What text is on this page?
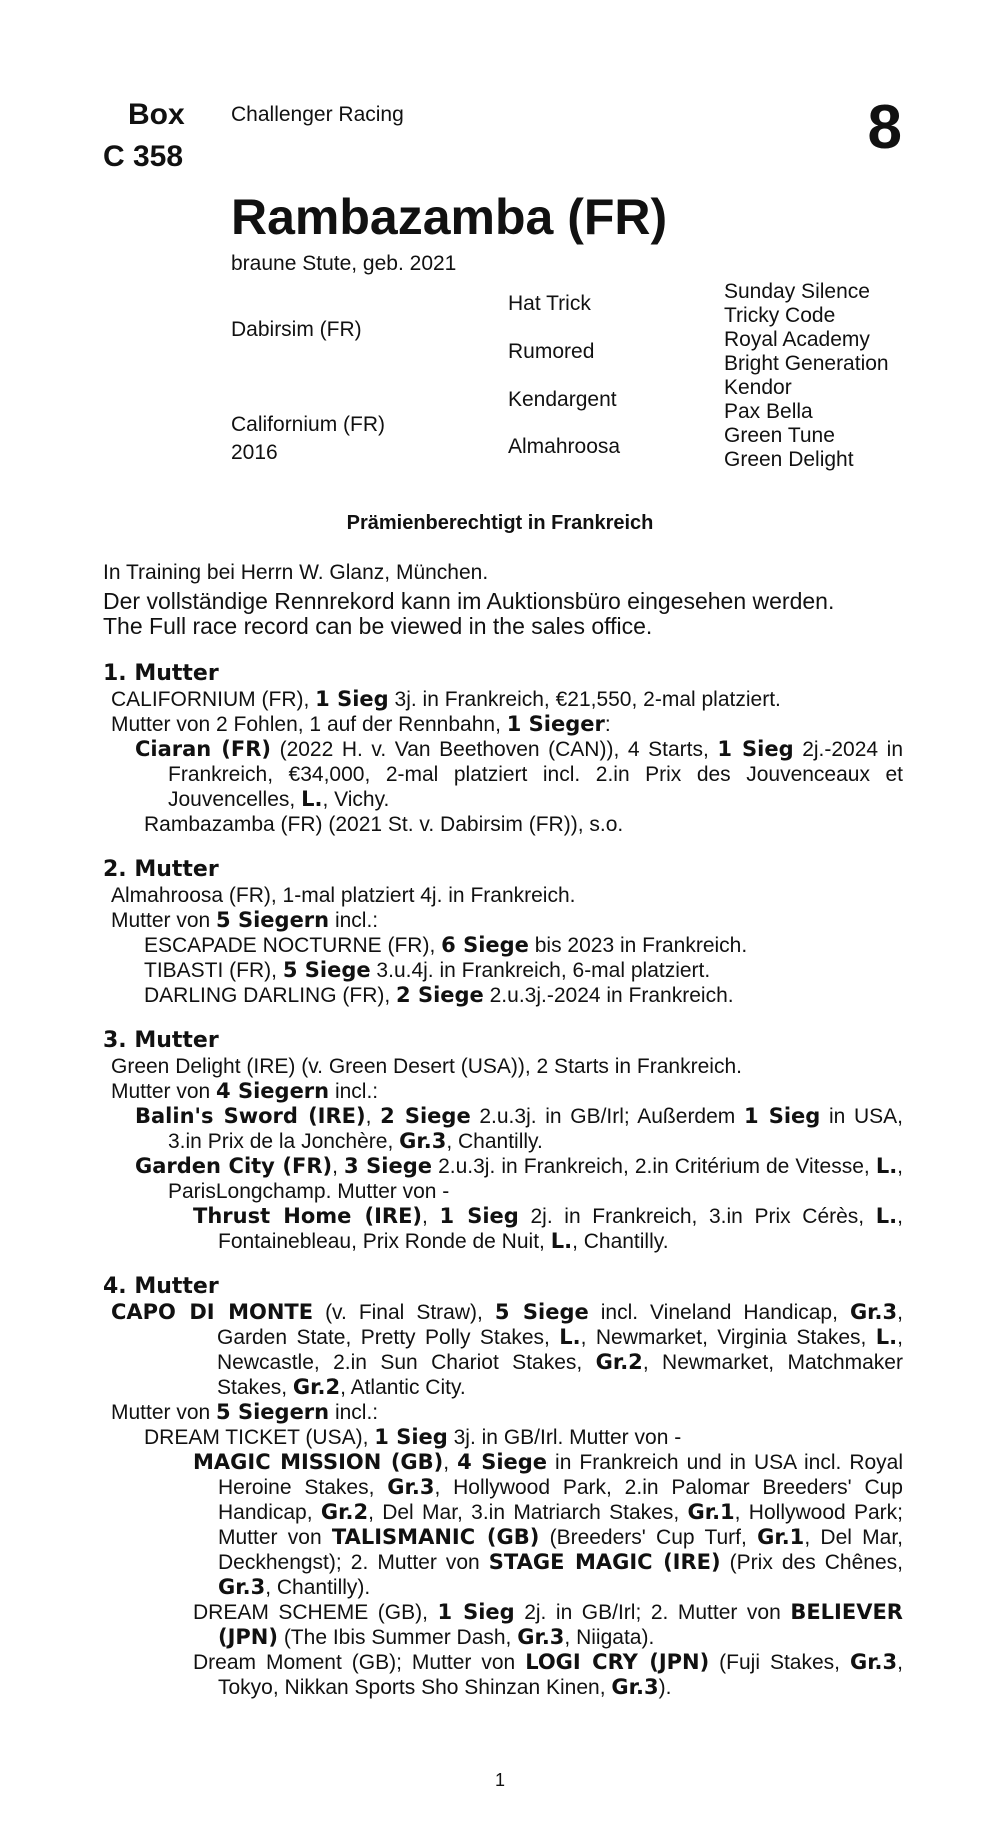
Box
C 358
Challenger Racing	8
Rambazamba (FR)
braune Stute, geb. 2021
Dabirsim (FR)
Californium (FR)
2016
Hat Trick
Rumored
Kendargent
Almahroosa
Sunday Silence
Tricky Code
Royal Academy
Bright Generation
Kendor
Pax Bella
Green Tune
Green Delight
Prämienberechtigt in Frankreich

In Training bei Herrn W. Glanz, München.

Der vollständige Rennrekord kann im Auktionsbüro eingesehen werden.

The Full race record can be viewed in the sales office.

1. Mutter

CALIFORNIUM (FR), 1 Sieg 3j. in Frankreich, €21,550, 2-mal platziert.

Mutter von 2 Fohlen, 1 auf der Rennbahn, 1 Sieger:

Ciaran (FR) (2022 H. v. Van Beethoven (CAN)), 4 Starts, 1 Sieg 2j.-2024 in Frankreich, €34,000, 2-mal platziert incl. 2.in Prix des Jouvenceaux et Jouvencelles, L., Vichy.

Rambazamba (FR) (2021 St. v. Dabirsim (FR)), s.o.

2. Mutter

Almahroosa (FR), 1-mal platziert 4j. in Frankreich.

Mutter von 5 Siegern incl.:

ESCAPADE NOCTURNE (FR), 6 Siege bis 2023 in Frankreich.

TIBASTI (FR), 5 Siege 3.u.4j. in Frankreich, 6-mal platziert.

DARLING DARLING (FR), 2 Siege 2.u.3j.-2024 in Frankreich.

3. Mutter

Green Delight (IRE) (v. Green Desert (USA)), 2 Starts in Frankreich.

Mutter von 4 Siegern incl.:

Balin's Sword (IRE), 2 Siege 2.u.3j. in GB/Irl; Außerdem 1 Sieg in USA, 3.in Prix de la Jonchère, Gr.3, Chantilly.

Garden City (FR), 3 Siege 2.u.3j. in Frankreich, 2.in Critérium de Vitesse, L., ParisLongchamp. Mutter von -

Thrust Home (IRE), 1 Sieg 2j. in Frankreich, 3.in Prix Cérès, L., Fontainebleau, Prix Ronde de Nuit, L., Chantilly.

4. Mutter

CAPO DI MONTE (v. Final Straw), 5 Siege incl. Vineland Handicap, Gr.3, Garden State, Pretty Polly Stakes, L., Newmarket, Virginia Stakes, L., Newcastle, 2.in Sun Chariot Stakes, Gr.2, Newmarket, Matchmaker Stakes, Gr.2, Atlantic City.

Mutter von 5 Siegern incl.:

DREAM TICKET (USA), 1 Sieg 3j. in GB/Irl. Mutter von -

MAGIC MISSION (GB), 4 Siege in Frankreich und in USA incl. Royal Heroine Stakes, Gr.3, Hollywood Park, 2.in Palomar Breeders' Cup Handicap, Gr.2, Del Mar, 3.in Matriarch Stakes, Gr.1, Hollywood Park; Mutter von TALISMANIC (GB) (Breeders' Cup Turf, Gr.1, Del Mar, Deckhengst); 2. Mutter von STAGE MAGIC (IRE) (Prix des Chênes, Gr.3, Chantilly).

DREAM SCHEME (GB), 1 Sieg 2j. in GB/Irl; 2. Mutter von BELIEVER (JPN) (The Ibis Summer Dash, Gr.3, Niigata).

Dream Moment (GB); Mutter von LOGI CRY (JPN) (Fuji Stakes, Gr.3, Tokyo, Nikkan Sports Sho Shinzan Kinen, Gr.3).

1
